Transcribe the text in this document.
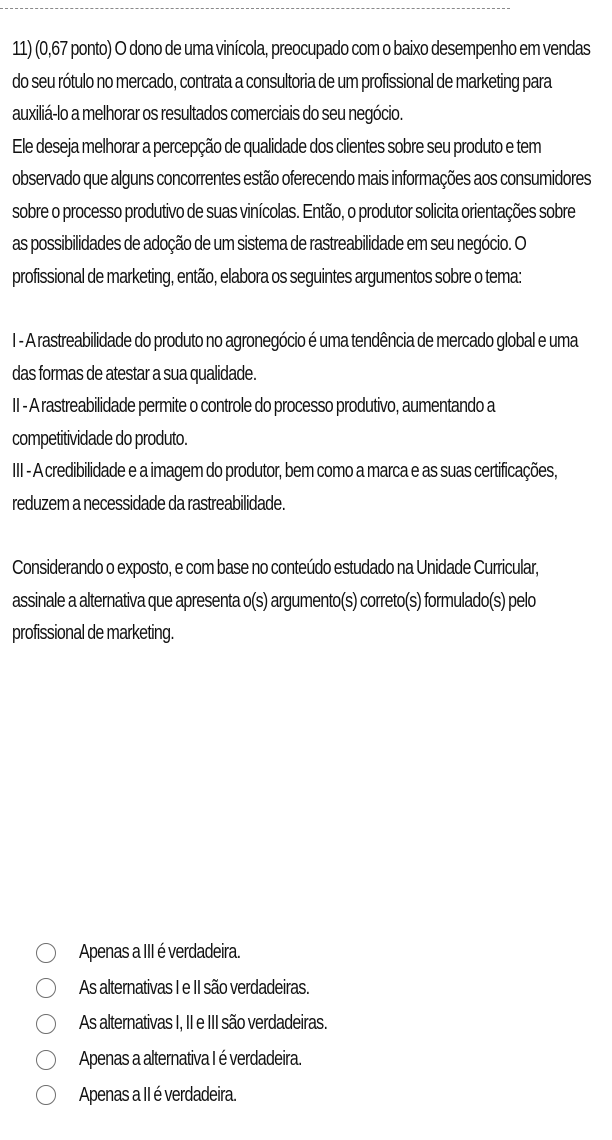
11) (0,67 ponto) O dono de uma vinícola, preocupado com o baixo desempenho em vendas do seu rótulo no mercado, contrata a consultoria de um profissional de marketing para auxiliá-lo a melhorar os resultados comerciais do seu negócio.

Ele deseja melhorar a percepção de qualidade dos clientes sobre seu produto e tem observado que alguns concorrentes estão oferecendo mais informações aos consumidores sobre o processo produtivo de suas vinícolas. Então, o produtor solicita orientações sobre as possibilidades de adoção de um sistema de rastreabilidade em seu negócio. O profissional de marketing, então, elabora os seguintes argumentos sobre o tema:

I - A rastreabilidade do produto no agronegócio é uma tendência de mercado global e uma das formas de atestar a sua qualidade.

II - A rastreabilidade permite o controle do processo produtivo, aumentando a competitividade do produto.

III - A credibilidade e a imagem do produtor, bem como a marca e as suas certificações, reduzem a necessidade da rastreabilidade.

Considerando o exposto, e com base no conteúdo estudado na Unidade Curricular, assinale a alternativa que apresenta o(s) argumento(s) correto(s) formulado(s) pelo profissional de marketing.

Apenas a III é verdadeira.
As alternativas I e II são verdadeiras.
As alternativas I, II e III são verdadeiras.
Apenas a alternativa I é verdadeira.
Apenas a II é verdadeira.
